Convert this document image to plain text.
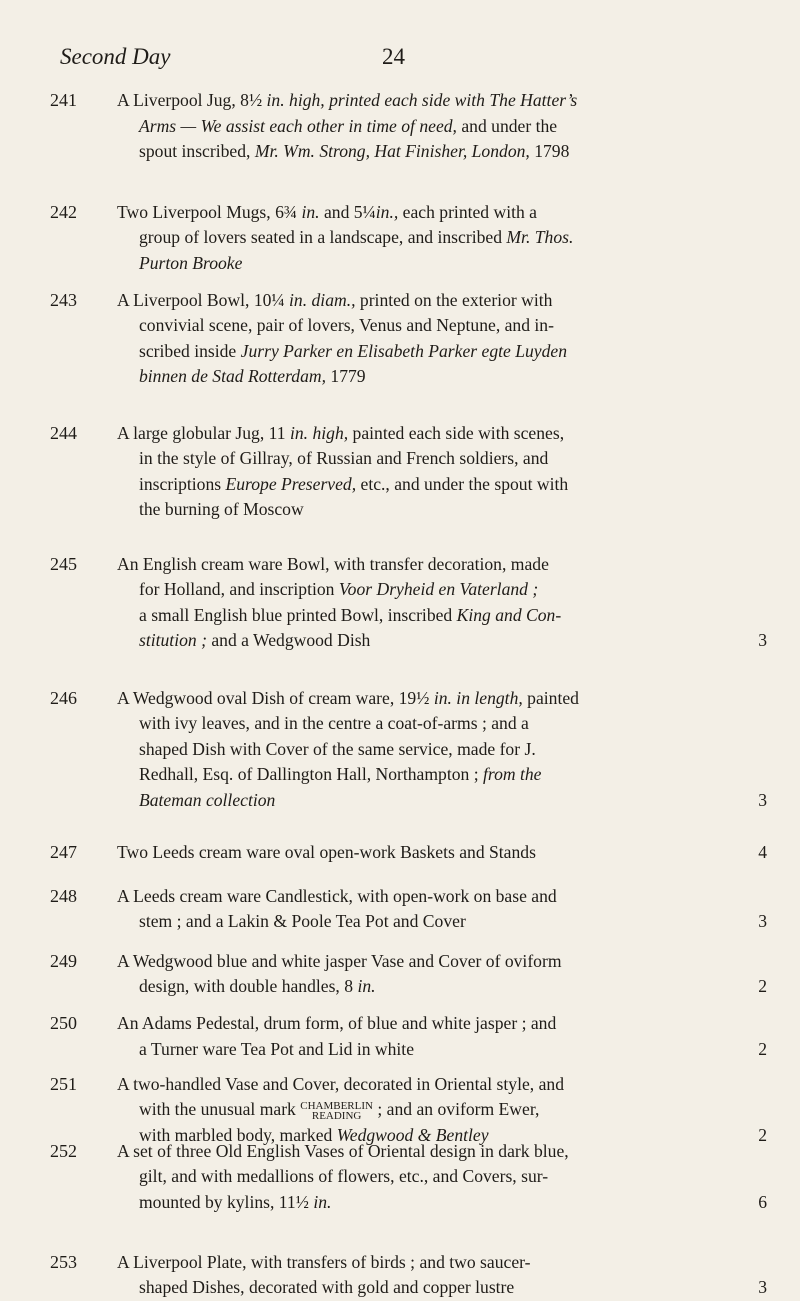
Second Day	24
241 A Liverpool Jug, 8½ in. high, printed each side with The Hatter’s
Arms — We assist each other in time of need, and under the
spout inscribed, Mr. Wm. Strong, Hat Finisher, London, 1798
242 Two Liverpool Mugs, 6¾ in. and 5¼in., each printed with a
group of lovers seated in a landscape, and inscribed Mr. Thos.
Purton Brooke
243 A Liverpool Bowl, 10¼ in. diam., printed on the exterior with
convivial scene, pair of lovers, Venus and Neptune, and in-
scribed inside Jurry Parker en Elisabeth Parker egte Luyden
binnen de Stad Rotterdam, 1779
244 A large globular Jug, 11 in. high, painted each side with scenes,
in the style of Gillray, of Russian and French soldiers, and
inscriptions Europe Preserved, etc., and under the spout with
the burning of Moscow
245 An English cream ware Bowl, with transfer decoration, made
for Holland, and inscription Voor Dryheid en Vaterland ;
a small English blue printed Bowl, inscribed King and Con-
stitution ; and a Wedgwood Dish	3
246 A Wedgwood oval Dish of cream ware, 19½ in. in length, painted
with ivy leaves, and in the centre a coat-of-arms ; and a
shaped Dish with Cover of the same service, made for J.
Redhall, Esq. of Dallington Hall, Northampton ; from the
Bateman collection	3
247 Two Leeds cream ware oval open-work Baskets and Stands	4
248 A Leeds cream ware Candlestick, with open-work on base and
stem ; and a Lakin & Poole Tea Pot and Cover	3
249 A Wedgwood blue and white jasper Vase and Cover of oviform
design, with double handles, 8 in.	2
250 An Adams Pedestal, drum form, of blue and white jasper ; and
a Turner ware Tea Pot and Lid in white	2
251 A two-handled Vase and Cover, decorated in Oriental style, and
with the unusual mark CHAMBERLIN
READING ; and an oviform Ewer,
with marbled body, marked Wedgwood & Bentley	2
252 A set of three Old English Vases of Oriental design in dark blue,
gilt, and with medallions of flowers, etc., and Covers, sur-
mounted by kylins, 11½ in.	6
253 A Liverpool Plate, with transfers of birds ; and two saucer-
shaped Dishes, decorated with gold and copper lustre	3
